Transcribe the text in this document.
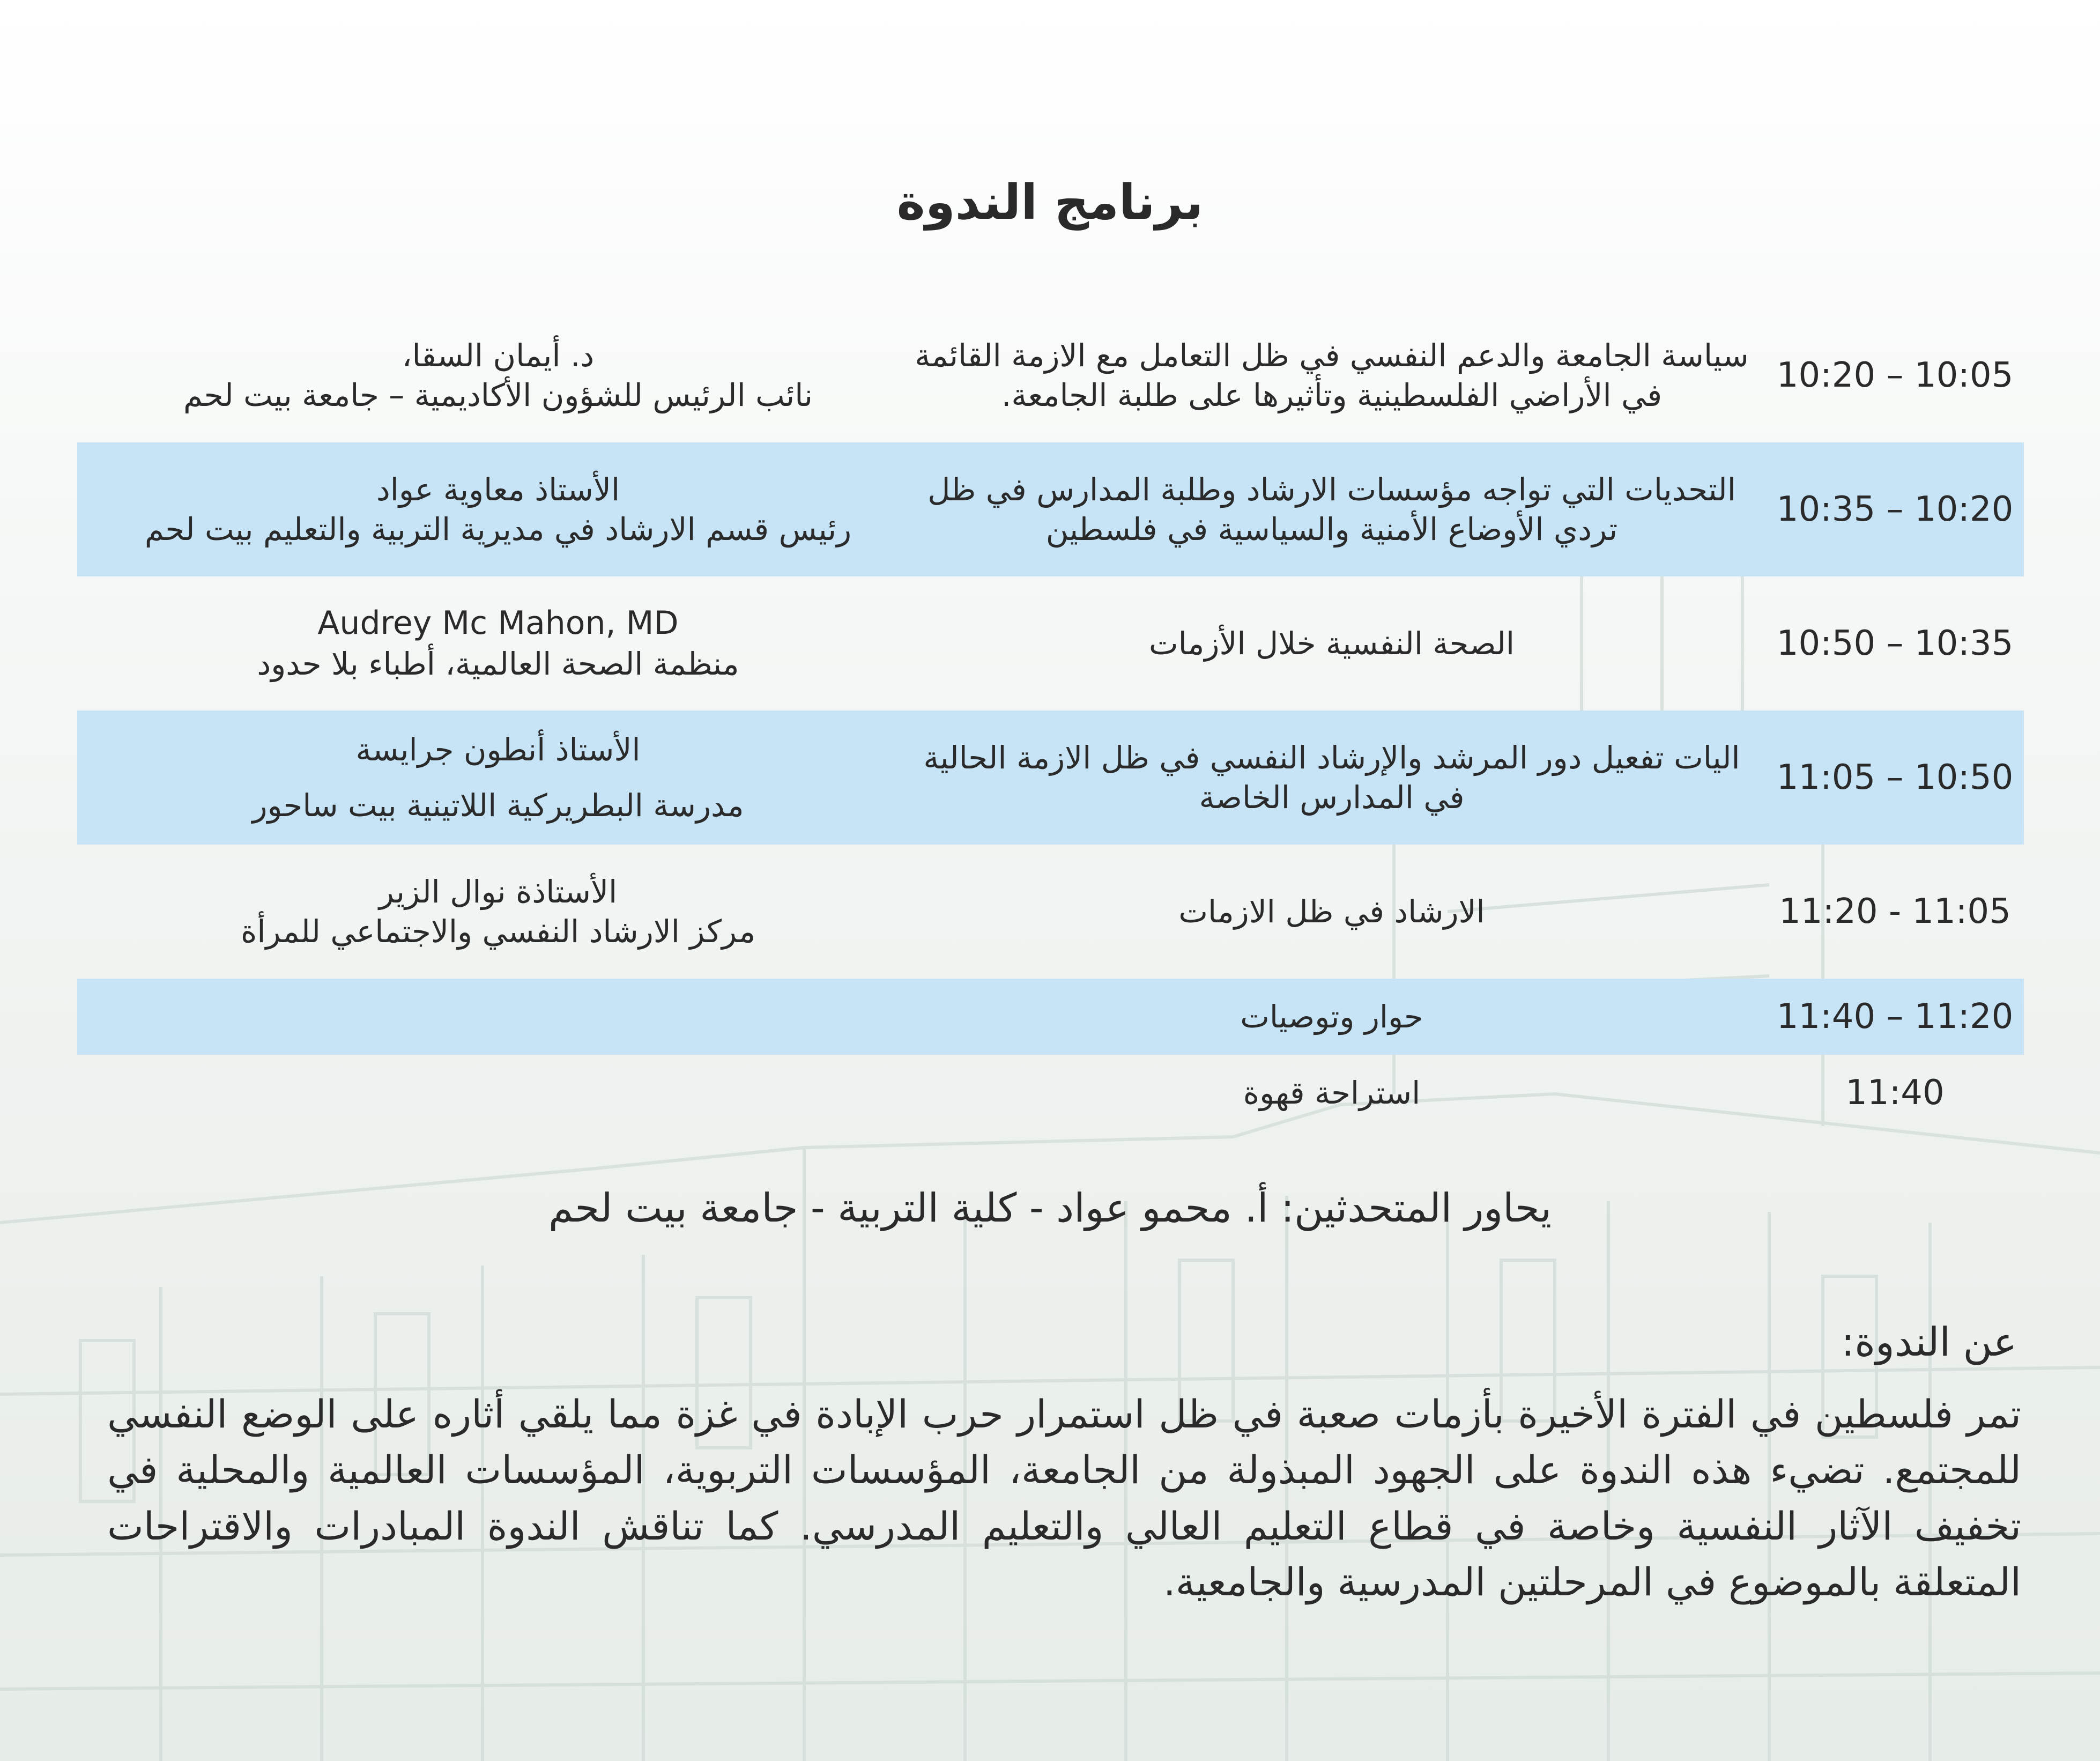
برنامج الندوة
10:20 – 10:05
سياسة الجامعة والدعم النفسي في ظل التعامل مع الازمة القائمة
في الأراضي الفلسطينية وتأثيرها على طلبة الجامعة.
د. أيمان السقا،
نائب الرئيس للشؤون الأكاديمية – جامعة بيت لحم
10:35 – 10:20
التحديات التي تواجه مؤسسات الارشاد وطلبة المدارس في ظل
تردي الأوضاع الأمنية والسياسية في فلسطين
الأستاذ معاوية عواد
رئيس قسم الارشاد في مديرية التربية والتعليم بيت لحم
10:50 – 10:35
الصحة النفسية خلال الأزمات
Audrey Mc Mahon, MD
منظمة الصحة العالمية، أطباء بلا حدود
11:05 – 10:50
اليات تفعيل دور المرشد والإرشاد النفسي في ظل الازمة الحالية
في المدارس الخاصة
الأستاذ أنطون جرايسة
مدرسة البطريركية اللاتينية بيت ساحور
11:20 - 11:05
الارشاد في ظل الازمات
الأستاذة نوال الزير
مركز الارشاد النفسي والاجتماعي للمرأة
11:40 – 11:20
حوار وتوصيات
11:40
استراحة قهوة
يحاور المتحدثين: أ. محمو عواد - كلية التربية - جامعة بيت لحم
عن الندوة:
تمر فلسطين في الفترة الأخيرة بأزمات صعبة في ظل استمرار حرب الإبادة في غزة مما يلقي أثاره على الوضع النفسي للمجتمع. تضيء هذه الندوة على الجهود المبذولة من الجامعة، المؤسسات التربوية، المؤسسات العالمية والمحلية في تخفيف الآثار النفسية وخاصة في قطاع التعليم العالي والتعليم المدرسي. كما تناقش الندوة المبادرات والاقتراحات المتعلقة بالموضوع في المرحلتين المدرسية والجامعية.
